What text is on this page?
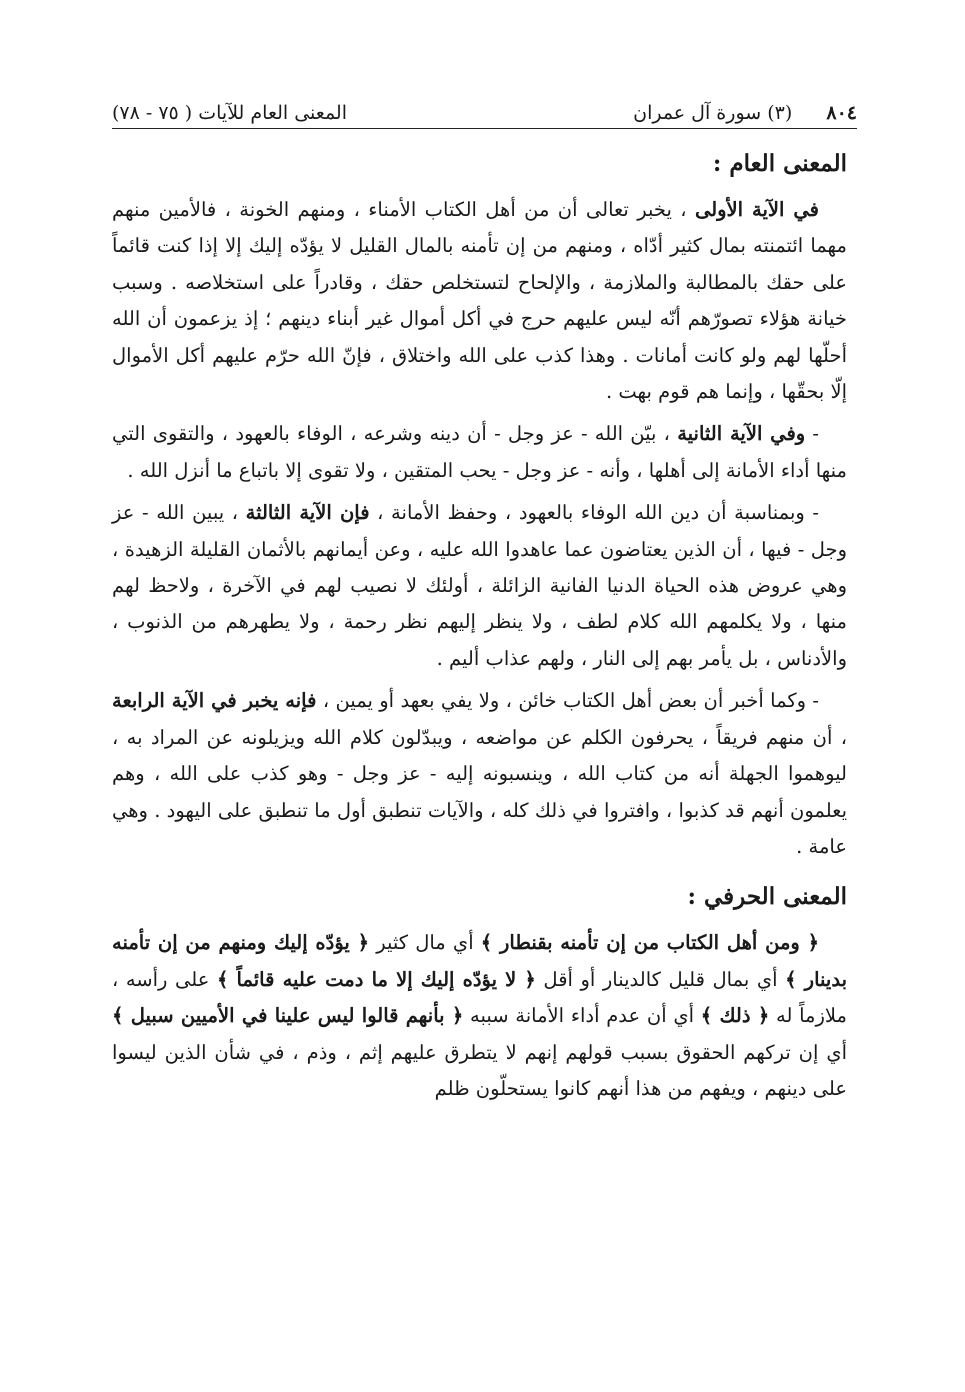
٨٠٤  (٣) سورة آل عمران
المعنى العام للآيات ( ٧٥ - ٧٨)
المعنى العام :

في الآية الأولى ، يخبر تعالى أن من أهل الكتاب الأمناء ، ومنهم الخونة ، فالأمين منهم مهما ائتمنته بمال كثير أدّاه ، ومنهم من إن تأمنه بالمال القليل لا يؤدّه إليك إلا إذا كنت قائماً على حقك بالمطالبة والملازمة ، والإلحاح لتستخلص حقك ، وقادراً على استخلاصه . وسبب خيانة هؤلاء تصورّهم أنّه ليس عليهم حرج في أكل أموال غير أبناء دينهم ؛ إذ يزعمون أن الله أحلّها لهم ولو كانت أمانات . وهذا كذب على الله واختلاق ، فإنّ الله حرّم عليهم أكل الأموال إلّا بحقّها ، وإنما هم قوم بهت .

- وفي الآية الثانية ، بيّن الله - عز وجل - أن دينه وشرعه ، الوفاء بالعهود ، والتقوى التي منها أداء الأمانة إلى أهلها ، وأنه - عز وجل - يحب المتقين ، ولا تقوى إلا باتباع ما أنزل الله .

- وبمناسبة أن دين الله الوفاء بالعهود ، وحفظ الأمانة ، فإن الآية الثالثة ، يبين الله - عز وجل - فيها ، أن الذين يعتاضون عما عاهدوا الله عليه ، وعن أيمانهم بالأثمان القليلة الزهيدة ، وهي عروض هذه الحياة الدنيا الفانية الزائلة ، أولئك لا نصيب لهم في الآخرة ، ولاحظ لهم منها ، ولا يكلمهم الله كلام لطف ، ولا ينظر إليهم نظر رحمة ، ولا يطهرهم من الذنوب ، والأدناس ، بل يأمر بهم إلى النار ، ولهم عذاب أليم .

- وكما أخبر أن بعض أهل الكتاب خائن ، ولا يفي بعهد أو يمين ، فإنه يخبر في الآية الرابعة ، أن منهم فريقاً ، يحرفون الكلم عن مواضعه ، ويبدّلون كلام الله ويزيلونه عن المراد به ، ليوهموا الجهلة أنه من كتاب الله ، وينسبونه إليه - عز وجل - وهو كذب على الله ، وهم يعلمون أنهم قد كذبوا ، وافتروا في ذلك كله ، والآيات تنطبق أول ما تنطبق على اليهود . وهي عامة .

المعنى الحرفي :

﴿ ومن أهل الكتاب من إن تأمنه بقنطار ﴾ أي مال كثير ﴿ يؤدّه إليك ومنهم من إن تأمنه بدينار ﴾ أي بمال قليل كالدينار أو أقل ﴿ لا يؤدّه إليك إلا ما دمت عليه قائماً ﴾ على رأسه ، ملازماً له ﴿ ذلك ﴾ أي أن عدم أداء الأمانة سببه ﴿ بأنهم قالوا ليس علينا في الأميين سبيل ﴾ أي إن تركهم الحقوق بسبب قولهم إنهم لا يتطرق عليهم إثم ، وذم ، في شأن الذين ليسوا على دينهم ، ويفهم من هذا أنهم كانوا يستحلّون ظلم
